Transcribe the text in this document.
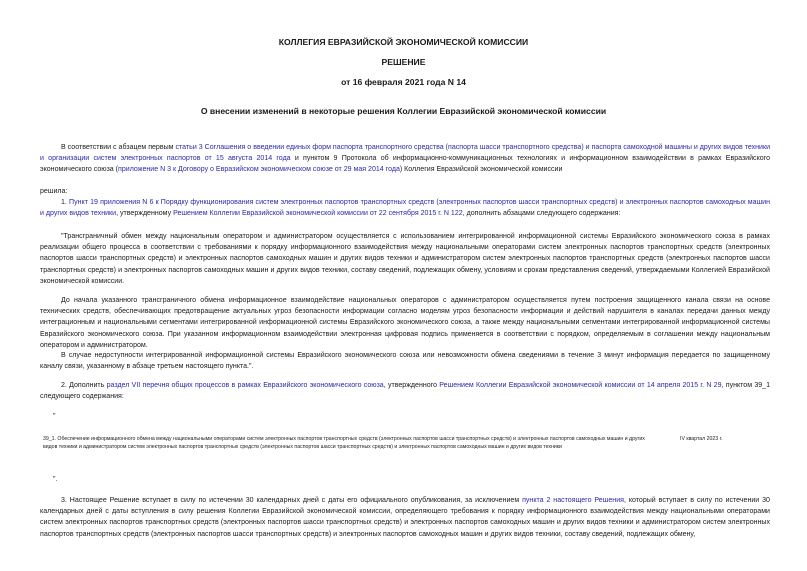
КОЛЛЕГИЯ ЕВРАЗИЙСКОЙ ЭКОНОМИЧЕСКОЙ КОМИССИИ
РЕШЕНИЕ
от 16 февраля 2021 года N 14
О внесении изменений в некоторые решения Коллегии Евразийской экономической комиссии

В соответствии с абзацем первым статьи 3 Соглашения о введении единых форм паспорта транспортного средства (паспорта шасси транспортного средства) и паспорта самоходной машины и других видов техники и организации систем электронных паспортов от 15 августа 2014 года и пунктом 9 Протокола об информационно-коммуникационных технологиях и информационном взаимодействии в рамках Евразийского экономического союза (приложение N 3 к Договору о Евразийском экономическом союзе от 29 мая 2014 года) Коллегия Евразийской экономической комиссии

решила:

1. Пункт 19 приложения N 6 к Порядку функционирования систем электронных паспортов транспортных средств (электронных паспортов шасси транспортных средств) и электронных паспортов самоходных машин и других видов техники, утвержденному Решением Коллегии Евразийской экономической комиссии от 22 сентября 2015 г. N 122, дополнить абзацами следующего содержания:

"Трансграничный обмен между национальным оператором и администратором осуществляется с использованием интегрированной информационной системы Евразийского экономического союза в рамках реализации общего процесса в соответствии с требованиями к порядку информационного взаимодействия между национальными операторами систем электронных паспортов транспортных средств (электронных паспортов шасси транспортных средств) и электронных паспортов самоходных машин и других видов техники и администратором систем электронных паспортов транспортных средств (электронных паспортов шасси транспортных средств) и электронных паспортов самоходных машин и других видов техники, составу сведений, подлежащих обмену, условиям и срокам представления сведений, утверждаемыми Коллегией Евразийской экономической комиссии.

До начала указанного трансграничного обмена информационное взаимодействие национальных операторов с администратором осуществляется путем построения защищенного канала связи на основе технических средств, обеспечивающих предотвращение актуальных угроз безопасности информации согласно моделям угроз безопасности информации и действий нарушителя в каналах передачи данных между интеграционным и национальными сегментами интегрированной информационной системы Евразийского экономического союза, а также между национальными сегментами интегрированной информационной системы Евразийского экономического союза. При указанном информационном взаимодействии электронная цифровая подпись применяется в соответствии с порядком, определяемым в соглашении между национальным оператором и администратором.

В случае недоступности интегрированной информационной системы Евразийского экономического союза или невозможности обмена сведениями в течение 3 минут информация передается по защищенному каналу связи, указанному в абзаце третьем настоящего пункта.".

2. Дополнить раздел VII перечня общих процессов в рамках Евразийского экономического союза, утвержденного Решением Коллегии Евразийской экономической комиссии от 14 апреля 2015 г. N 29, пунктом 39_1 следующего содержания:

"
39_1. Обеспечение информационного обмена между национальными операторами систем электронных паспортов транспортных средств (электронных паспортов шасси транспортных средств) и электронных паспортов самоходных машин и других видов техники и администратором систем электронных паспортов транспортных средств (электронных паспортов шасси транспортных средств) и электронных паспортов самоходных машин и других видов техники
IV квартал 2023 г.
".

3. Настоящее Решение вступает в силу по истечении 30 календарных дней с даты его официального опубликования, за исключением пункта 2 настоящего Решения, который вступает в силу по истечении 30 календарных дней с даты вступления в силу решения Коллегии Евразийской экономической комиссии, определяющего требования к порядку информационного взаимодействия между национальными операторами систем электронных паспортов транспортных средств (электронных паспортов шасси транспортных средств) и электронных паспортов самоходных машин и других видов техники и администратором систем электронных паспортов транспортных средств (электронных паспортов шасси транспортных средств) и электронных паспортов самоходных машин и других видов техники, составу сведений, подлежащих обмену,
